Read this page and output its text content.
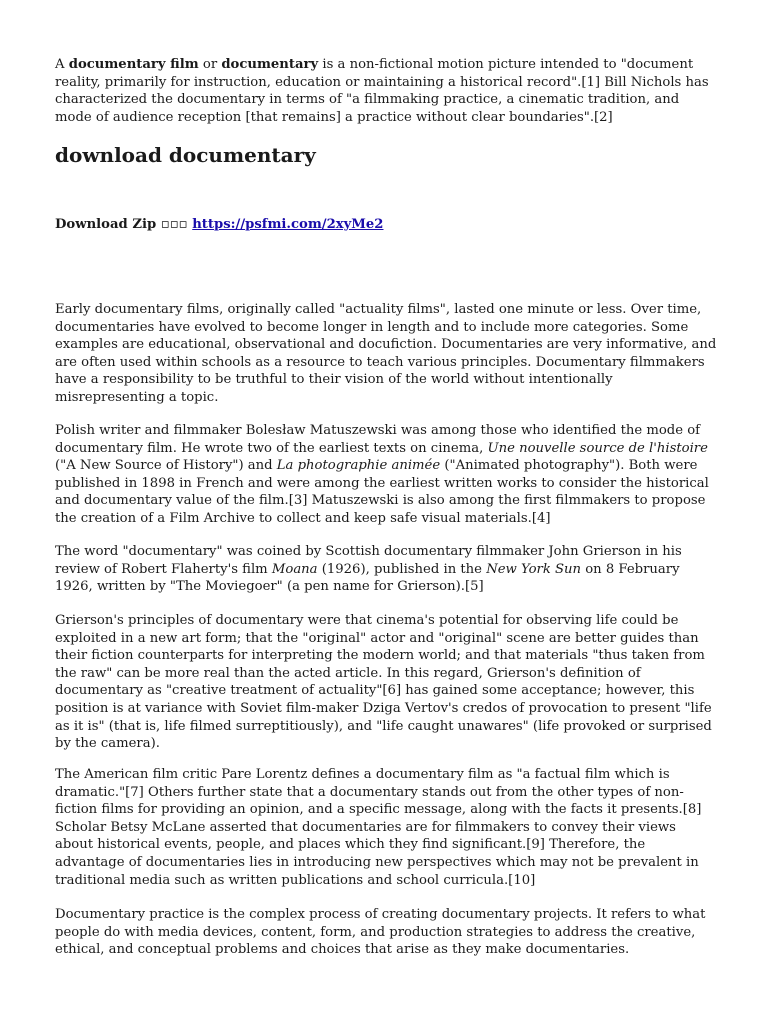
A documentary film or documentary is a non-fictional motion picture intended to "document reality, primarily for instruction, education or maintaining a historical record".[1] Bill Nichols has characterized the documentary in terms of "a filmmaking practice, a cinematic tradition, and mode of audience reception [that remains] a practice without clear boundaries".[2]

download documentary

Download Zip ▫▫▫ https://psfmi.com/2xyMe2

Early documentary films, originally called "actuality films", lasted one minute or less. Over time, documentaries have evolved to become longer in length and to include more categories. Some examples are educational, observational and docufiction. Documentaries are very informative, and are often used within schools as a resource to teach various principles. Documentary filmmakers have a responsibility to be truthful to their vision of the world without intentionally misrepresenting a topic.

Polish writer and filmmaker Bolesław Matuszewski was among those who identified the mode of documentary film. He wrote two of the earliest texts on cinema, Une nouvelle source de l'histoire ("A New Source of History") and La photographie animée ("Animated photography"). Both were published in 1898 in French and were among the earliest written works to consider the historical and documentary value of the film.[3] Matuszewski is also among the first filmmakers to propose the creation of a Film Archive to collect and keep safe visual materials.[4]

The word "documentary" was coined by Scottish documentary filmmaker John Grierson in his review of Robert Flaherty's film Moana (1926), published in the New York Sun on 8 February 1926, written by "The Moviegoer" (a pen name for Grierson).[5]

Grierson's principles of documentary were that cinema's potential for observing life could be exploited in a new art form; that the "original" actor and "original" scene are better guides than their fiction counterparts for interpreting the modern world; and that materials "thus taken from the raw" can be more real than the acted article. In this regard, Grierson's definition of documentary as "creative treatment of actuality"[6] has gained some acceptance; however, this position is at variance with Soviet film-maker Dziga Vertov's credos of provocation to present "life as it is" (that is, life filmed surreptitiously), and "life caught unawares" (life provoked or surprised by the camera).

The American film critic Pare Lorentz defines a documentary film as "a factual film which is dramatic."[7] Others further state that a documentary stands out from the other types of non-fiction films for providing an opinion, and a specific message, along with the facts it presents.[8] Scholar Betsy McLane asserted that documentaries are for filmmakers to convey their views about historical events, people, and places which they find significant.[9] Therefore, the advantage of documentaries lies in introducing new perspectives which may not be prevalent in traditional media such as written publications and school curricula.[10]

Documentary practice is the complex process of creating documentary projects. It refers to what people do with media devices, content, form, and production strategies to address the creative, ethical, and conceptual problems and choices that arise as they make documentaries.
